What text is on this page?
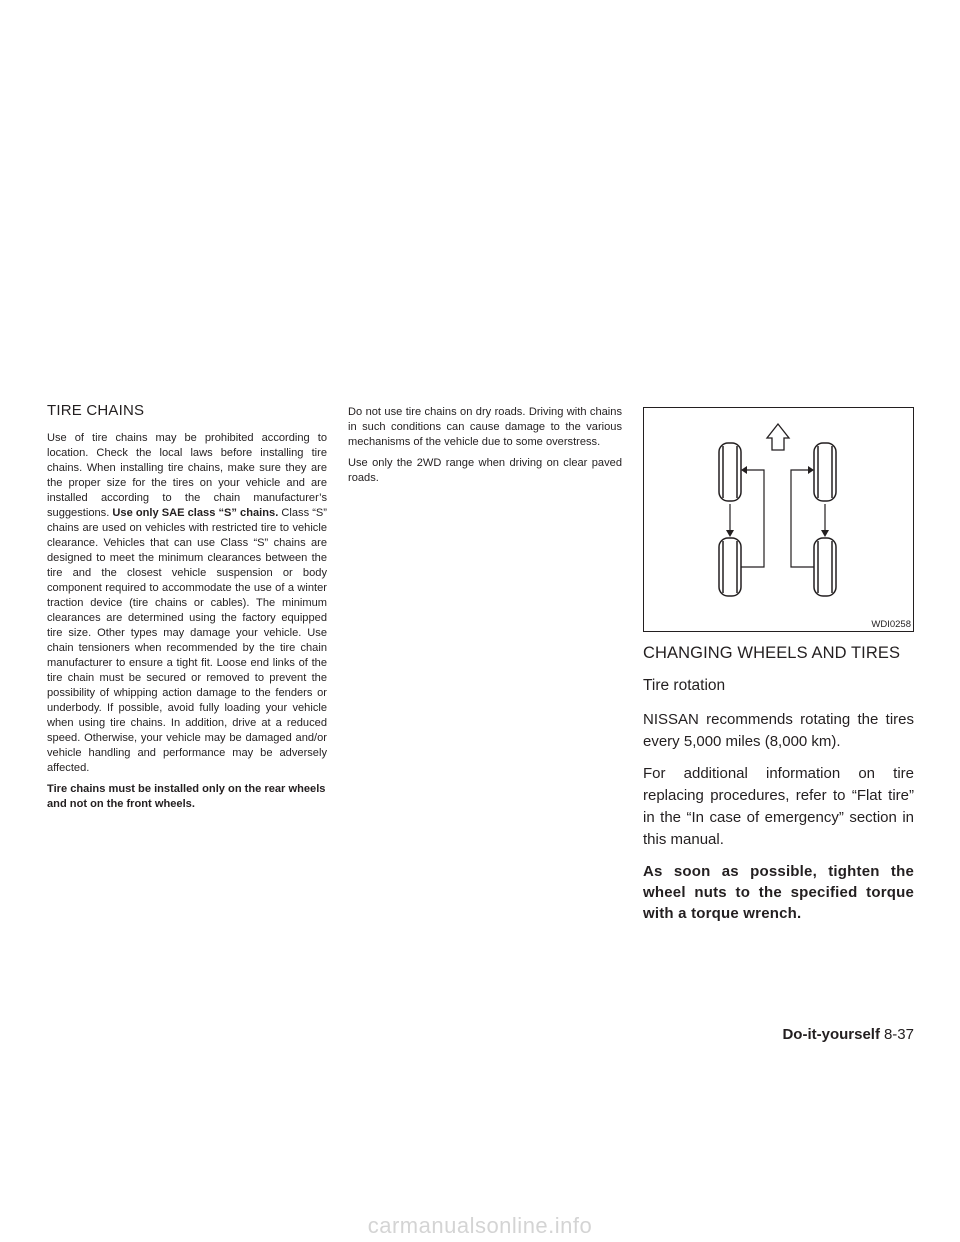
TIRE CHAINS

Use of tire chains may be prohibited according to location. Check the local laws before installing tire chains. When installing tire chains, make sure they are the proper size for the tires on your vehicle and are installed according to the chain manufacturer’s suggestions. Use only SAE class “S” chains. Class “S” chains are used on vehicles with restricted tire to vehicle clearance. Vehicles that can use Class “S” chains are designed to meet the minimum clearances between the tire and the closest vehicle suspension or body component required to accommodate the use of a winter traction device (tire chains or cables). The minimum clearances are determined using the factory equipped tire size. Other types may damage your vehicle. Use chain tensioners when recommended by the tire chain manufacturer to ensure a tight fit. Loose end links of the tire chain must be secured or removed to prevent the possibility of whipping action damage to the fenders or underbody. If possible, avoid fully loading your vehicle when using tire chains. In addition, drive at a reduced speed. Otherwise, your vehicle may be damaged and/or vehicle handling and performance may be adversely affected.

Tire chains must be installed only on the rear wheels and not on the front wheels.

Do not use tire chains on dry roads. Driving with chains in such conditions can cause damage to the various mechanisms of the vehicle due to some overstress.

Use only the 2WD range when driving on clear paved roads.

WDI0258
CHANGING WHEELS AND TIRES
Tire rotation

NISSAN recommends rotating the tires every 5,000 miles (8,000 km).

For additional information on tire replacing procedures, refer to “Flat tire” in the “In case of emergency” section in this manual.

As soon as possible, tighten the wheel nuts to the specified torque with a torque wrench.

Do-it-yourself 8-37
carmanualsonline.info
